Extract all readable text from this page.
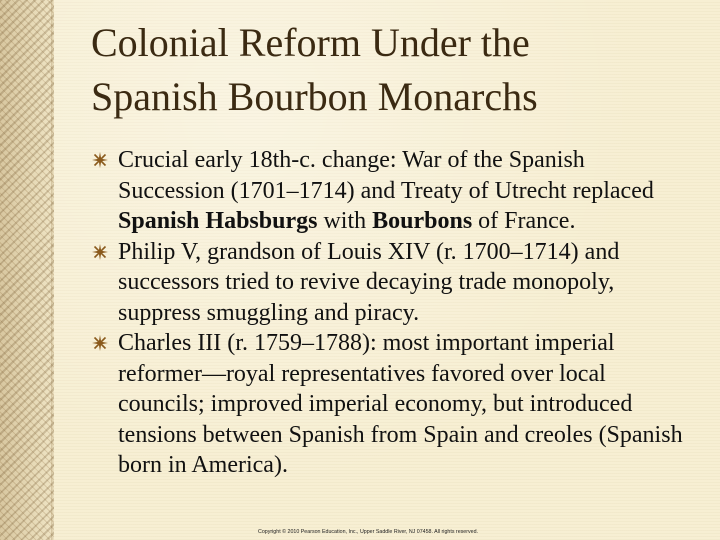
Colonial Reform Under the
Spanish Bourbon Monarchs
Crucial early 18th-c. change: War of the Spanish Succession (1701–1714) and Treaty of Utrecht replaced Spanish Habsburgs with Bourbons of France.
Philip V, grandson of Louis XIV (r. 1700–1714) and successors tried to revive decaying trade monopoly, suppress smuggling and piracy.
Charles III (r. 1759–1788): most important imperial reformer—royal representatives favored over local councils; improved imperial economy, but introduced tensions between Spanish from Spain and creoles (Spanish born in America).
Copyright © 2010 Pearson Education, Inc., Upper Saddle River, NJ 07458. All rights reserved.
